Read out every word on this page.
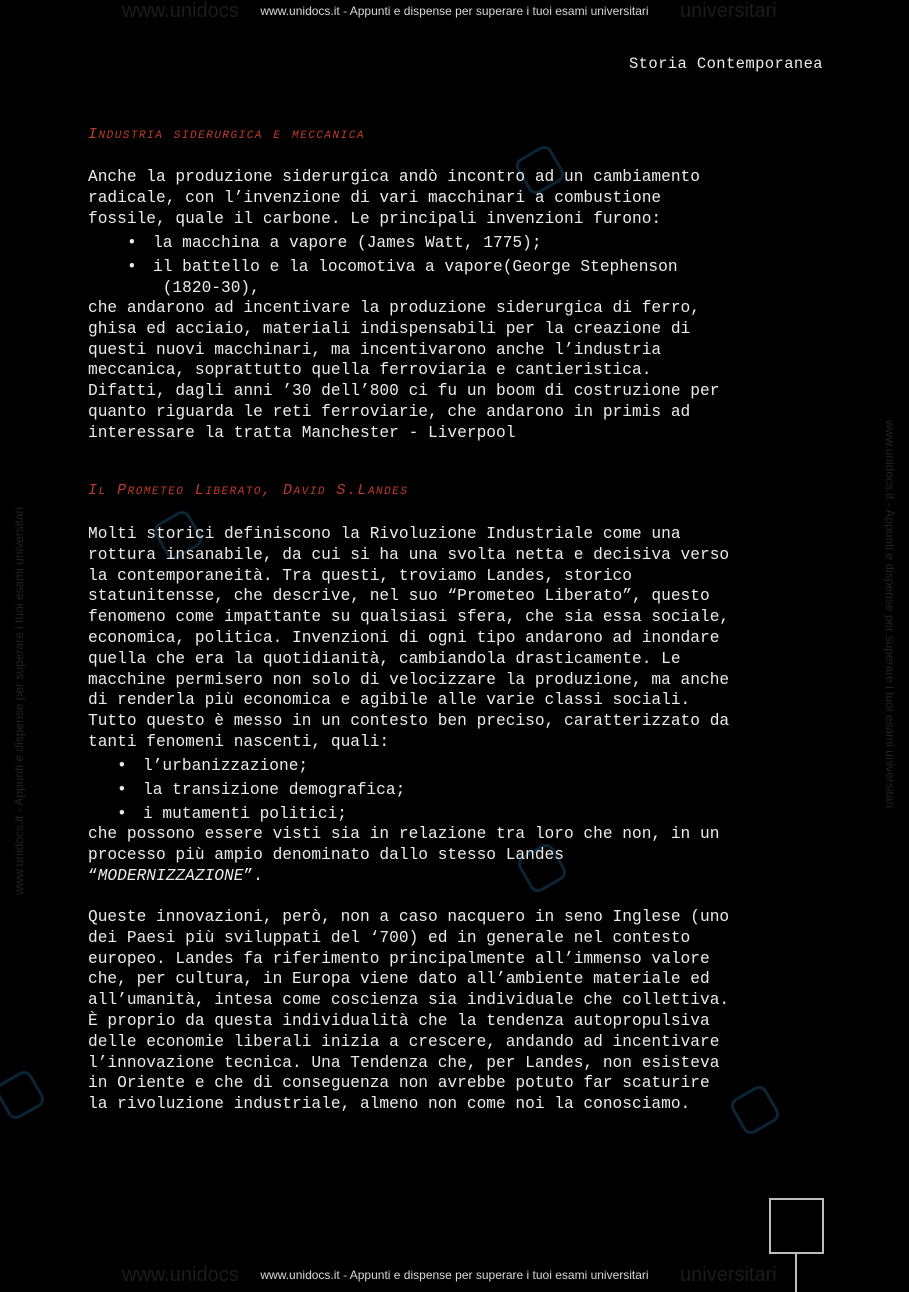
www.unidocs	universitari
www.unidocs	universitari
www.unidocs.it - Appunti e dispense per superare i tuoi esami universitari	www.unidocs.it - Appunti e dispense per superare i tuoi esami universitari
www.unidocs.it - Appunti e dispense per superare i tuoi esami universitari
www.unidocs.it - Appunti e dispense per superare i tuoi esami universitari
Storia Contemporanea
Industria siderurgica e meccanica

Anche la produzione siderurgica andò incontro ad un cambiamento
radicale, con l’invenzione di vari macchinari a combustione
fossile, quale il carbone. Le principali invenzioni furono:

• la macchina a vapore (James Watt, 1775);
• il battello e la locomotiva a vapore(George Stephenson
(1820-30),

che andarono ad incentivare la produzione siderurgica di ferro,
ghisa ed acciaio, materiali indispensabili per la creazione di
questi nuovi macchinari, ma incentivarono anche l’industria
meccanica, soprattutto quella ferroviaria e cantieristica.
Difatti, dagli anni ’30 dell’800 ci fu un boom di costruzione per
quanto riguarda le reti ferroviarie, che andarono in primis ad
interessare la tratta Manchester - Liverpool

Il Prometeo Liberato, David S.Landes

Molti storici definiscono la Rivoluzione Industriale come una
rottura insanabile, da cui si ha una svolta netta e decisiva verso
la contemporaneità. Tra questi, troviamo Landes, storico
statunitensse, che descrive, nel suo “Prometeo Liberato”, questo
fenomeno come impattante su qualsiasi sfera, che sia essa sociale,
economica, politica. Invenzioni di ogni tipo andarono ad inondare
quella che era la quotidianità, cambiandola drasticamente. Le
macchine permisero non solo di velocizzare la produzione, ma anche
di renderla più economica e agibile alle varie classi sociali.
Tutto questo è messo in un contesto ben preciso, caratterizzato da
tanti fenomeni nascenti, quali:

• l’urbanizzazione;
• la transizione demografica;
• i mutamenti politici;
che possono essere visti sia in relazione tra loro che non, in un
processo più ampio denominato dallo stesso Landes
“MODERNIZZAZIONE”.

Queste innovazioni, però, non a caso nacquero in seno Inglese (uno
dei Paesi più sviluppati del ‘700) ed in generale nel contesto
europeo. Landes fa riferimento principalmente all’immenso valore
che, per cultura, in Europa viene dato all’ambiente materiale ed
all’umanità, intesa come coscienza sia individuale che collettiva.
È proprio da questa individualità che la tendenza autopropulsiva
delle economie liberali inizia a crescere, andando ad incentivare
l’innovazione tecnica. Una Tendenza che, per Landes, non esisteva
in Oriente e che di conseguenza non avrebbe potuto far scaturire
la rivoluzione industriale, almeno non come noi la conosciamo.
